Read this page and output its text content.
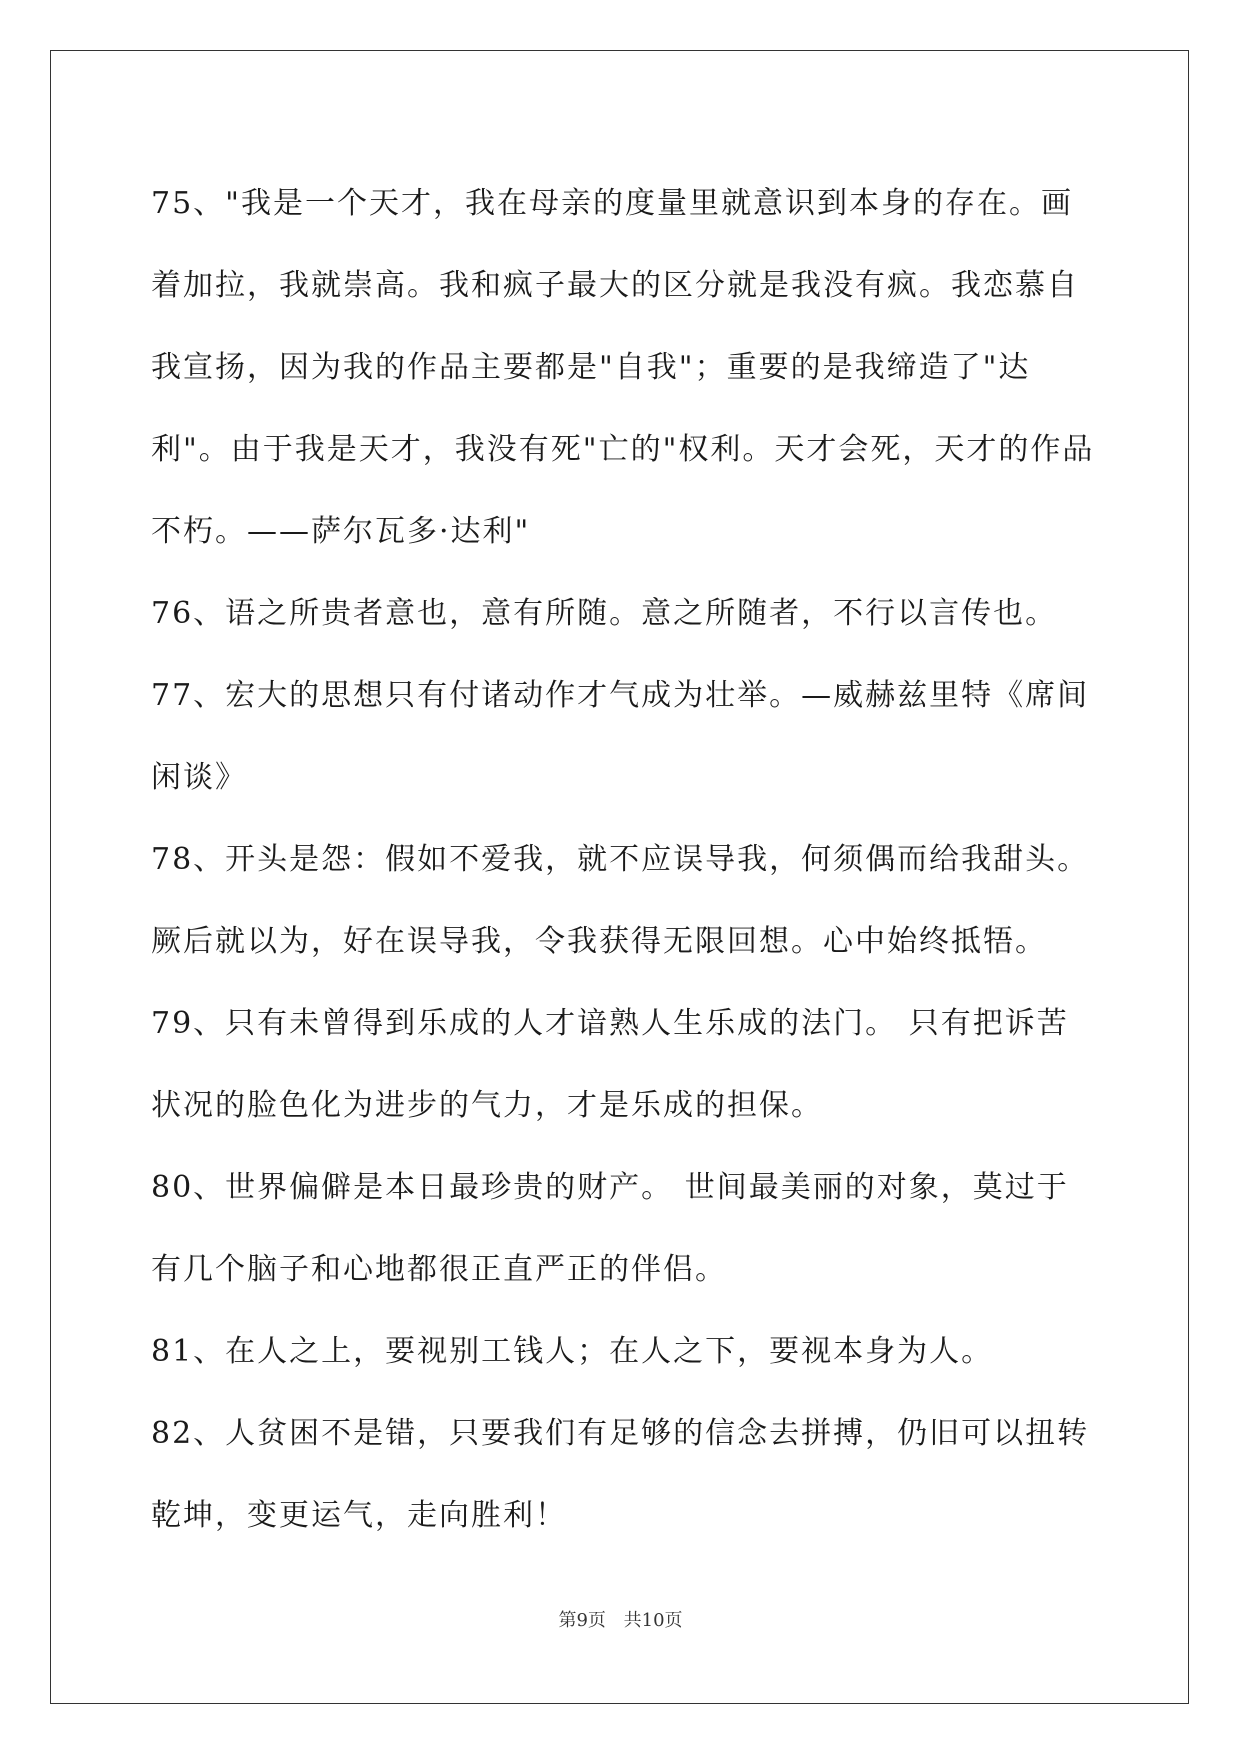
75、"我是一个天才，我在母亲的度量里就意识到本身的存在。画着加拉，我就崇高。我和疯子最大的区分就是我没有疯。我恋慕自我宣扬，因为我的作品主要都是"自我"；重要的是我缔造了"达利"。由于我是天才，我没有死"亡的"权利。天才会死，天才的作品不朽。——萨尔瓦多·达利"

76、语之所贵者意也，意有所随。意之所随者，不行以言传也。

77、宏大的思想只有付诸动作才气成为壮举。—威赫兹里特《席间闲谈》

78、开头是怨：假如不爱我，就不应误导我，何须偶而给我甜头。厥后就以为，好在误导我，令我获得无限回想。心中始终抵牾。

79、只有未曾得到乐成的人才谙熟人生乐成的法门。 只有把诉苦状况的脸色化为进步的气力，才是乐成的担保。

80、世界偏僻是本日最珍贵的财产。 世间最美丽的对象，莫过于有几个脑子和心地都很正直严正的伴侣。

81、在人之上，要视别工钱人；在人之下，要视本身为人。

82、人贫困不是错，只要我们有足够的信念去拼搏，仍旧可以扭转乾坤，变更运气，走向胜利！

第9页 共10页
